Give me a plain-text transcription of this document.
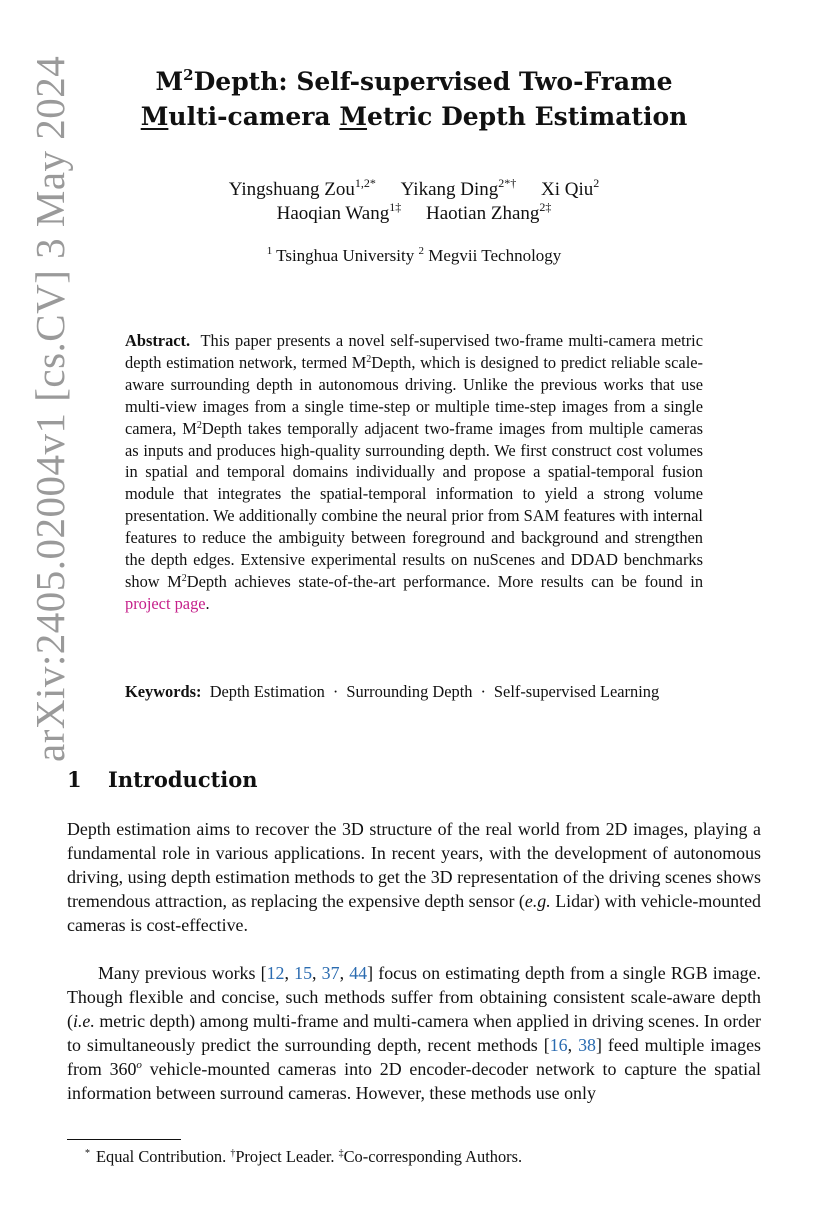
arXiv:2405.02004v1 [cs.CV] 3 May 2024	$M^2Depth$: Self-supervised Two-Frame
Multi-camera Metric Depth Estimation
Yingshuang Zou$^{1,2*}$ Yikang Ding$^{2*\dagger}$ Xi Qiu$^2$
Haoqian Wang$^{1\ddagger}$ Haotian Zhang$^{2\ddagger}$
$^1$ Tsinghua University $^2$ Megvii Technology
Abstract. This paper presents a novel self-supervised two-frame multi-camera metric depth estimation network, termed $M^2Depth$, which is designed to predict reliable scale-aware surrounding depth in autonomous driving. Unlike the previous works that use multi-view images from a single time-step or multiple time-step images from a single camera, $M^2Depth$ takes temporally adjacent two-frame images from multiple cameras as inputs and produces high-quality surrounding depth. We first construct cost volumes in spatial and temporal domains individually and propose a spatial-temporal fusion module that integrates the spatial-temporal information to yield a strong volume presentation. We additionally combine the neural prior from SAM features with internal features to reduce the ambiguity between foreground and background and strengthen the depth edges. Extensive experimental results on nuScenes and DDAD benchmarks show $M^2Depth$ achieves state-of-the-art performance. More results can be found in project page.
Keywords: Depth Estimation · Surrounding Depth · Self-supervised Learning
1 Introduction
Depth estimation aims to recover the 3D structure of the real world from 2D images, playing a fundamental role in various applications. In recent years, with the development of autonomous driving, using depth estimation methods to get the 3D representation of the driving scenes shows tremendous attraction, as replacing the expensive depth sensor (e.g. Lidar) with vehicle-mounted cameras is cost-effective.
Many previous works [12, 15, 37, 44] focus on estimating depth from a single RGB image. Though flexible and concise, such methods suffer from obtaining consistent scale-aware depth (i.e. metric depth) among multi-frame and multi-camera when applied in driving scenes. In order to simultaneously predict the surrounding depth, recent methods [16, 38] feed multiple images from 360$^o$ vehicle-mounted cameras into 2D encoder-decoder network to capture the spatial information between surround cameras. However, these methods use only
* Equal Contribution. †Project Leader. ‡Co-corresponding Authors.
